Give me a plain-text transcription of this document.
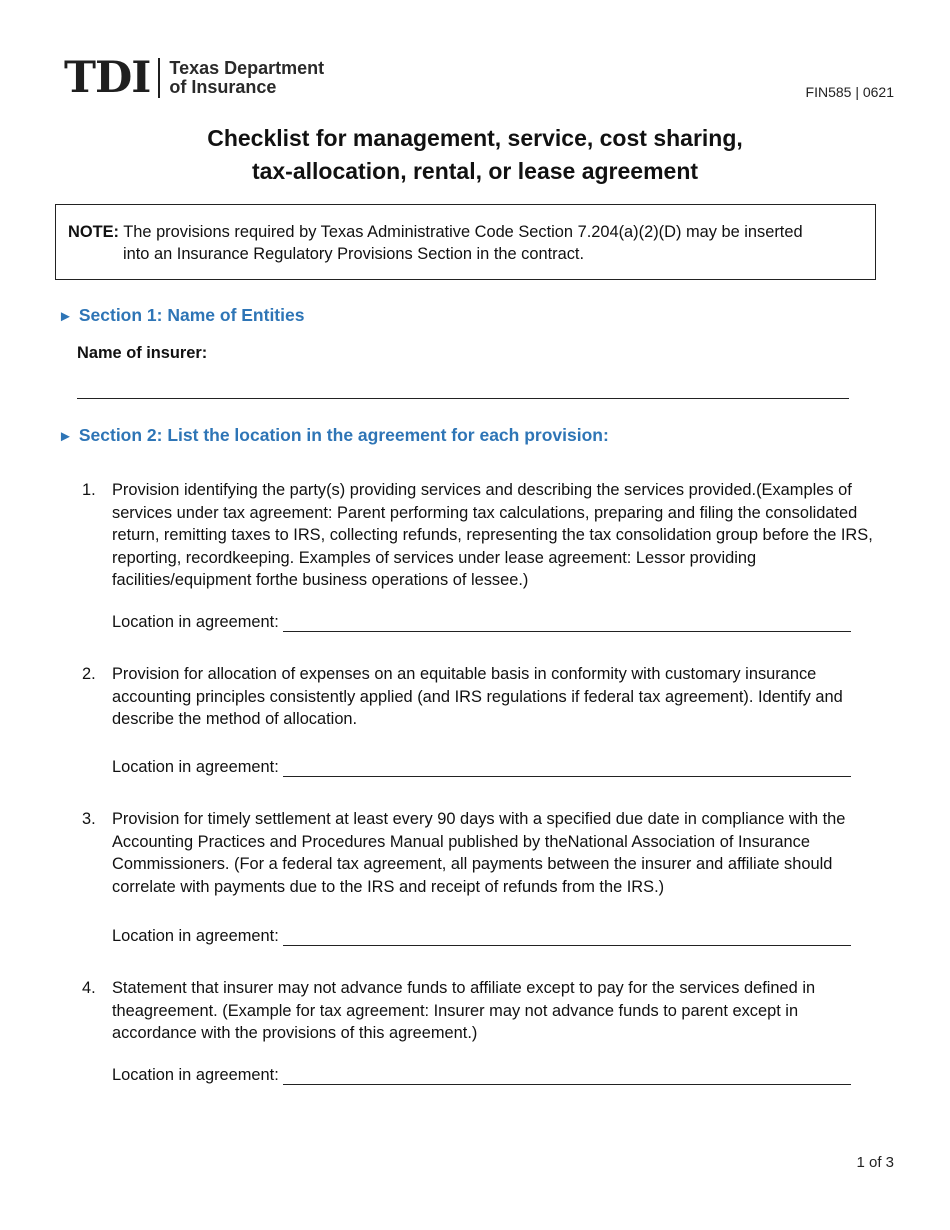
TDI Texas Department
of Insurance	FIN585 | 0621
Checklist for management, service, cost sharing,
tax-allocation, rental, or lease agreement
NOTE: The provisions required by Texas Administrative Code Section 7.204(a)(2)(D) may be inserted
into an Insurance Regulatory Provisions Section in the contract.
► Section 1: Name of Entities
Name of insurer:
► Section 2: List the location in the agreement for each provision:
1. Provision identifying the party(s) providing services and describing the services provided.(Examples of services under tax agreement: Parent performing tax calculations, preparing and filing the consolidated return, remitting taxes to IRS, collecting refunds, representing the tax consolidation group before the IRS, reporting, recordkeeping. Examples of services under lease agreement: Lessor providing facilities/equipment forthe business operations of lessee.)
Location in agreement:
2. Provision for allocation of expenses on an equitable basis in conformity with customary insurance accounting principles consistently applied (and IRS regulations if federal tax agreement). Identify and describe the method of allocation.
Location in agreement:
3. Provision for timely settlement at least every 90 days with a specified due date in compliance with the Accounting Practices and Procedures Manual published by theNational Association of Insurance Commissioners. (For a federal tax agreement, all payments between the insurer and affiliate should correlate with payments due to the IRS and receipt of refunds from the IRS.)
Location in agreement:
4. Statement that insurer may not advance funds to affiliate except to pay for the services defined in theagreement. (Example for tax agreement: Insurer may not advance funds to parent except in accordance with the provisions of this agreement.)
Location in agreement:
1 of 3
